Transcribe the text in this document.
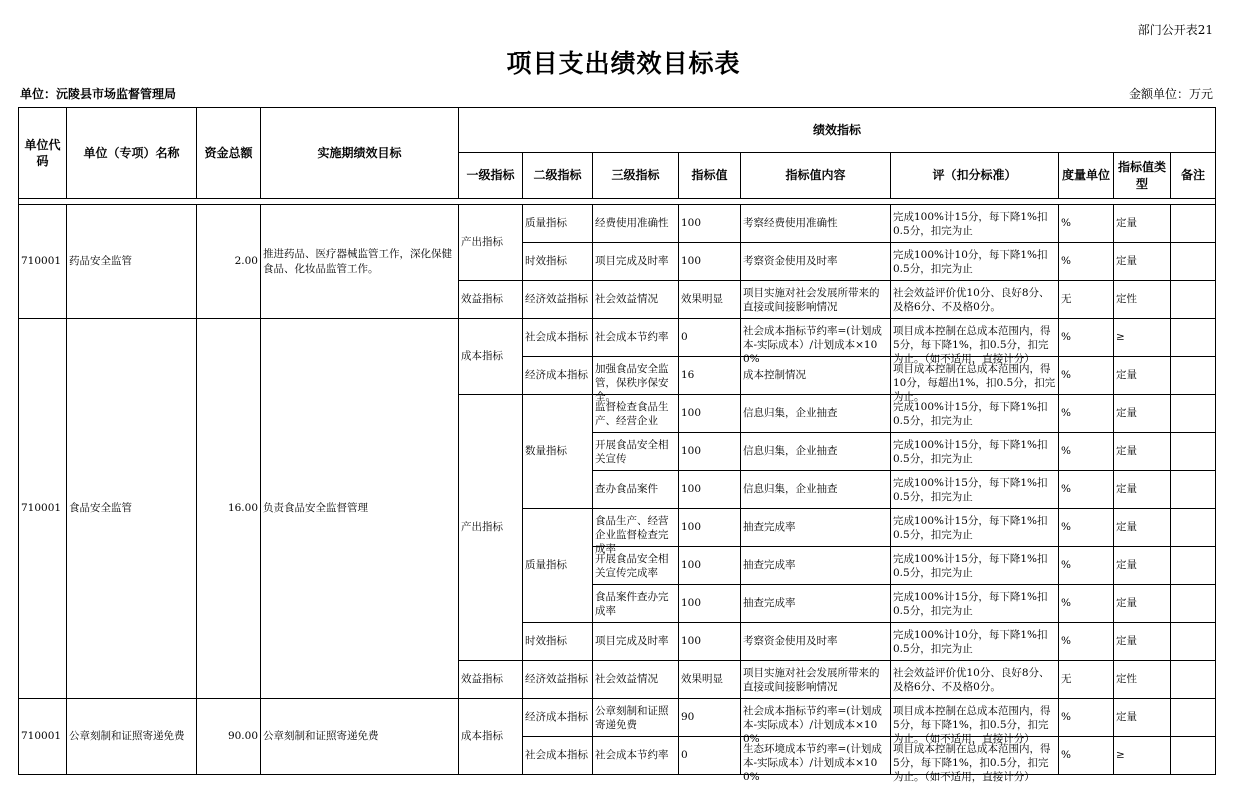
部门公开表21
项目支出绩效目标表
单位：沅陵县市场监督管理局	金额单位：万元
单位代码	单位（专项）名称	资金总额	实施期绩效目标	绩效指标								
				一级指标	二级指标	三级指标	指标值	指标值内容	评（扣分标准）	度量单位	指标值类型	备注

710001	药品安全监管	2.00	推进药品、医疗器械监管工作，深化保健食品、化妆品监管工作。	产出指标	质量指标	经费使用准确性	100	考察经费使用准确性	完成100%计15分，每下降1%扣0.5分，扣完为止	%	定量	
					时效指标	项目完成及时率	100	考察资金使用及时率	完成100%计10分，每下降1%扣0.5分，扣完为止	%	定量	
				效益指标	经济效益指标	社会效益情况	效果明显	项目实施对社会发展所带来的直接或间接影响情况	社会效益评价优10分、良好8分、及格6分、不及格0分。	无	定性	
710001	食品安全监管	16.00	负责食品安全监督管理	成本指标	社会成本指标	社会成本节约率	0	社会成本指标节约率=(计划成本-实际成本）/计划成本×100%	项目成本控制在总成本范围内，得5分，每下降1%，扣0.5分，扣完为止。（如不适用，直接计分）	%	≥	
					经济成本指标	加强食品安全监管，保秩序保安全。	16	成本控制情况	项目成本控制在总成本范围内，得10分，每超出1%，扣0.5分，扣完为止。	%	定量	
				产出指标	数量指标	监督检查食品生产、经营企业	100	信息归集，企业抽查	完成100%计15分，每下降1%扣0.5分，扣完为止	%	定量	

						开展食品安全相关宣传	100	信息归集，企业抽查	完成100%计15分，每下降1%扣0.5分，扣完为止	%	定量	

						查办食品案件	100	信息归集，企业抽查	完成100%计15分，每下降1%扣0.5分，扣完为止	%	定量	
					质量指标	食品生产、经营企业监督检查完成率	100	抽查完成率	完成100%计15分，每下降1%扣0.5分，扣完为止	%	定量	

						开展食品安全相关宣传完成率	100	抽查完成率	完成100%计15分，每下降1%扣0.5分，扣完为止	%	定量	

						食品案件查办完成率	100	抽查完成率	完成100%计15分，每下降1%扣0.5分，扣完为止	%	定量	
					时效指标	项目完成及时率	100	考察资金使用及时率	完成100%计10分，每下降1%扣0.5分，扣完为止	%	定量	
				效益指标	经济效益指标	社会效益情况	效果明显	项目实施对社会发展所带来的直接或间接影响情况	社会效益评价优10分、良好8分、及格6分、不及格0分。	无	定性	
710001	公章刻制和证照寄递免费	90.00	公章刻制和证照寄递免费	成本指标	经济成本指标	公章刻制和证照寄递免费	90	社会成本指标节约率=(计划成本-实际成本）/计划成本×100%	项目成本控制在总成本范围内，得5分，每下降1%，扣0.5分，扣完为止。（如不适用，直接计分）	%	定量	
					社会成本指标	社会成本节约率	0	生态环境成本节约率=(计划成本-实际成本）/计划成本×100%	项目成本控制在总成本范围内，得5分，每下降1%，扣0.5分，扣完为止。（如不适用，直接计分）	%	≥	
